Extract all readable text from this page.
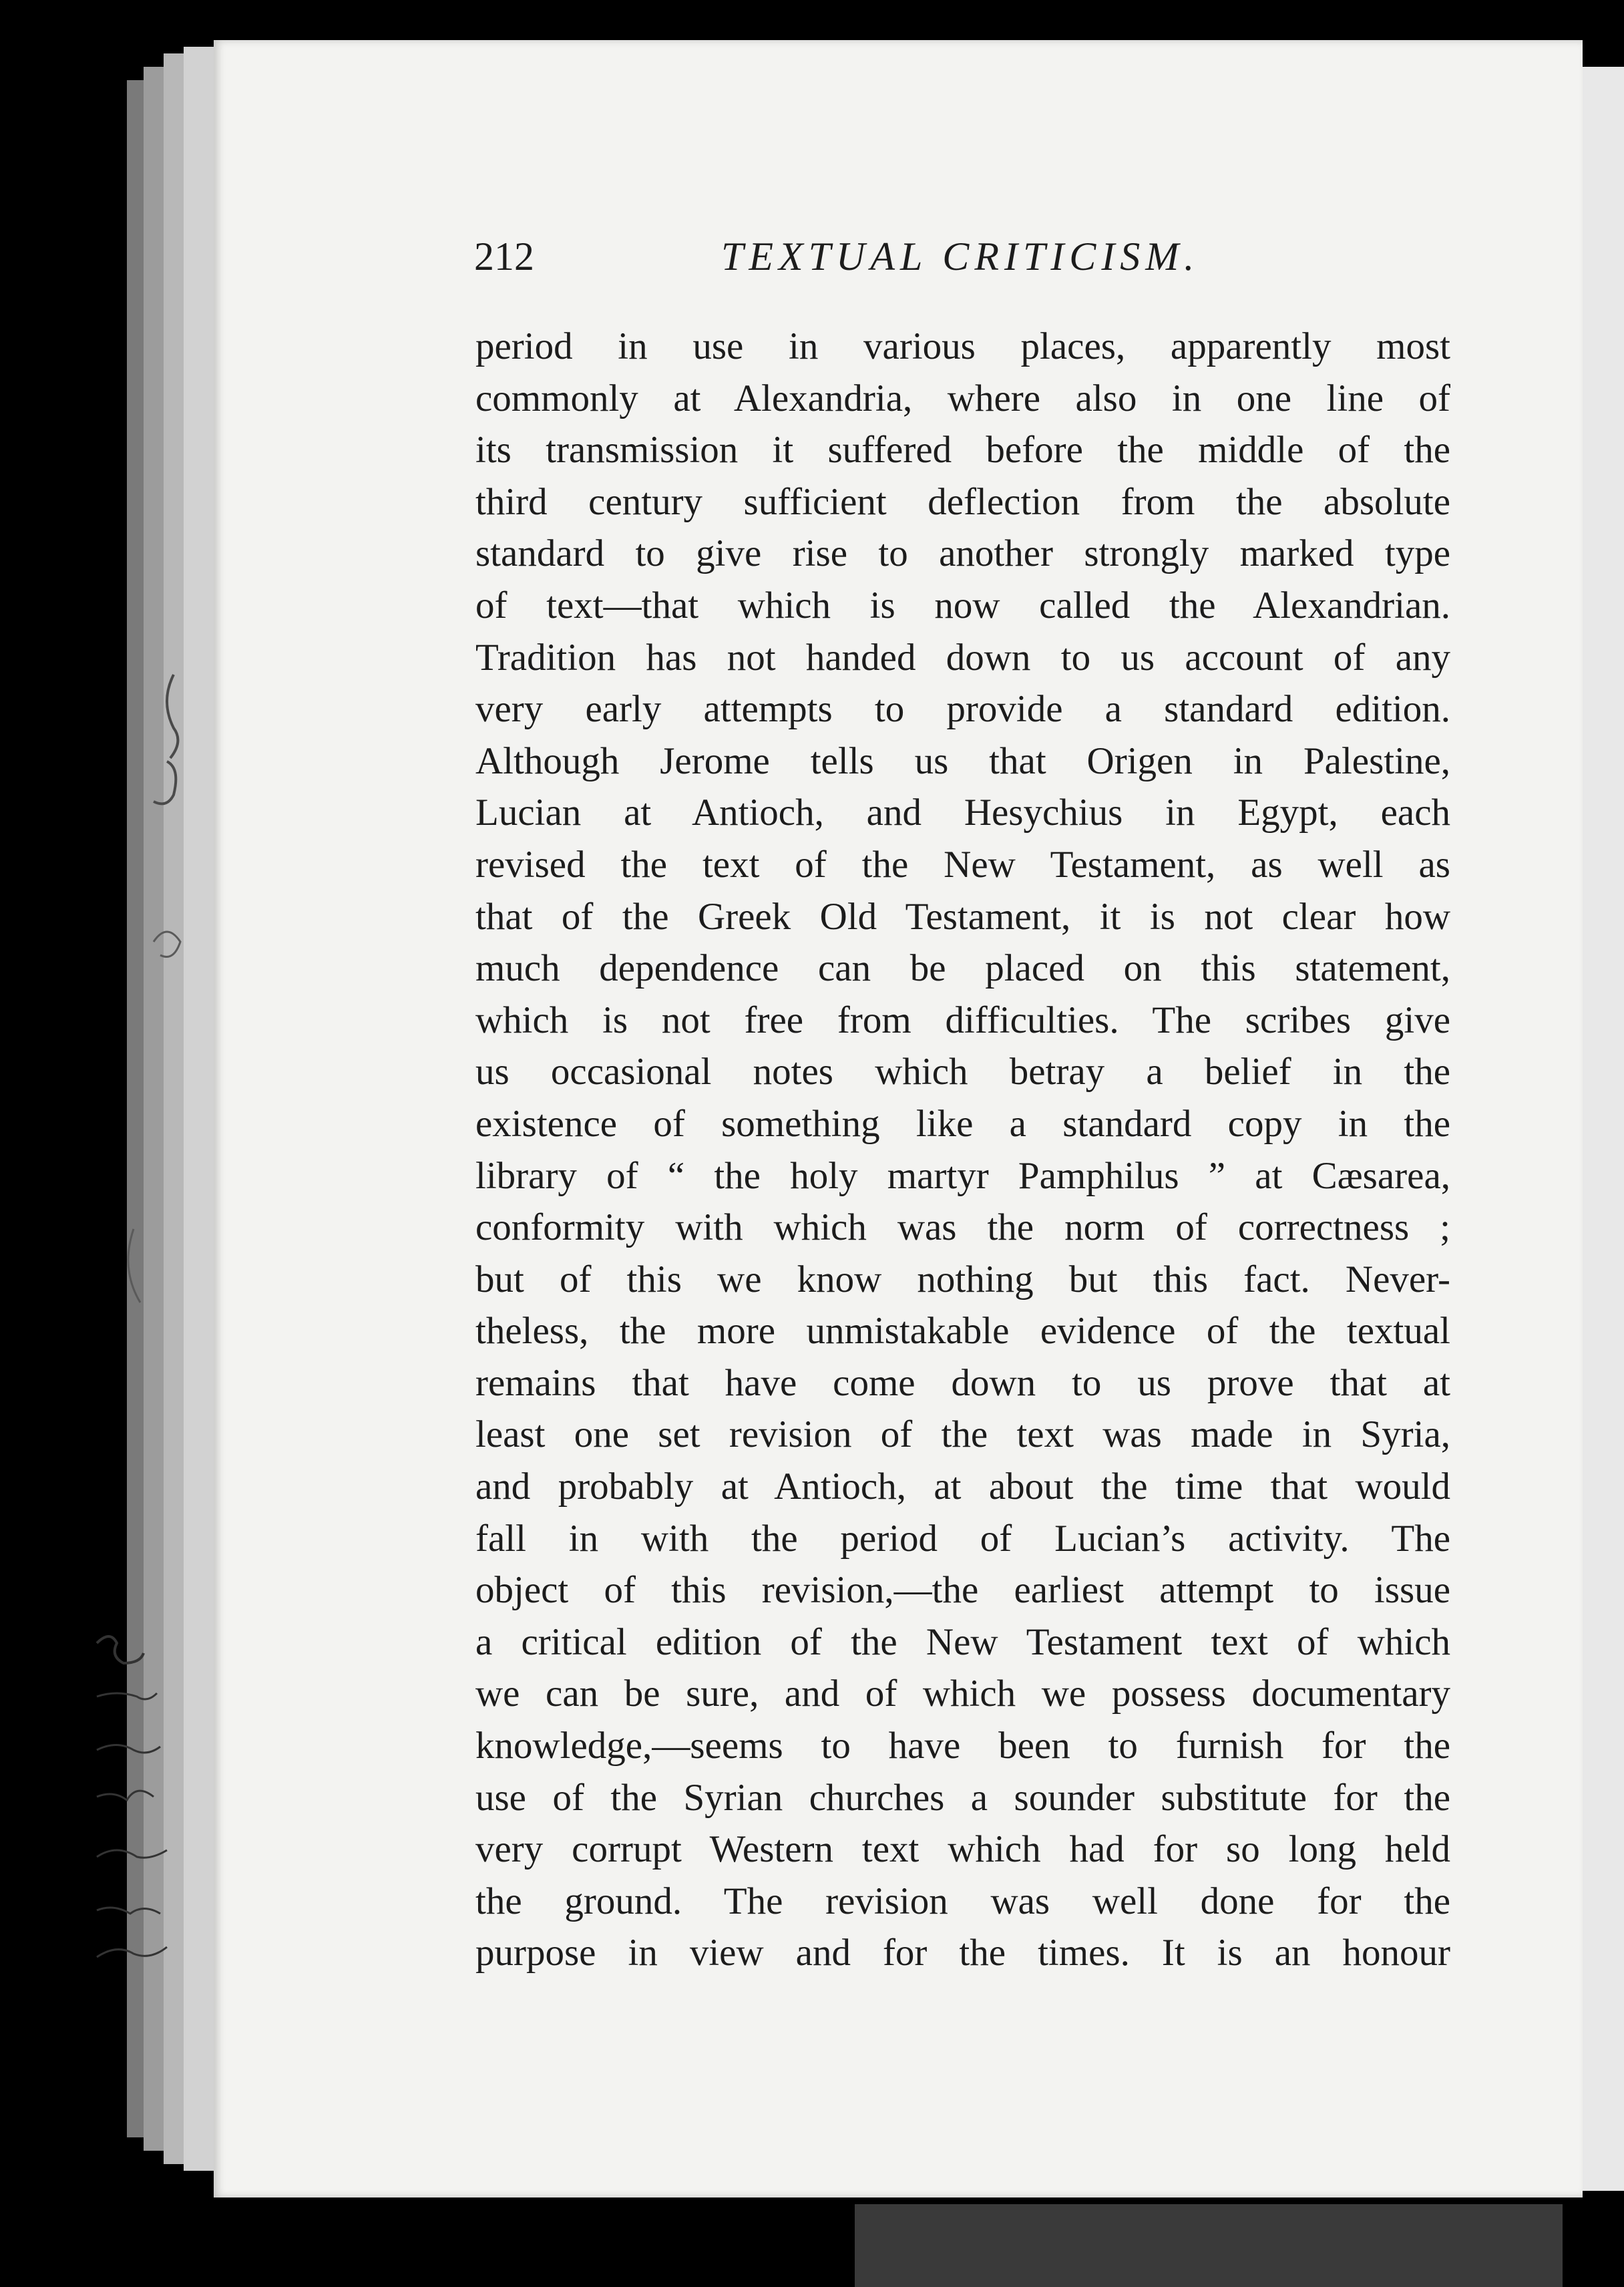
212	TEXTUAL CRITICISM.
period in use in various places, apparently most
commonly at Alexandria, where also in one line of
its transmission it suffered before the middle of the
third century sufficient deflection from the absolute
standard to give rise to another strongly marked type
of text—that which is now called the Alexandrian.
Tradition has not handed down to us account of any
very early attempts to provide a standard edition.
Although Jerome tells us that Origen in Palestine,
Lucian at Antioch, and Hesychius in Egypt, each
revised the text of the New Testament, as well as
that of the Greek Old Testament, it is not clear how
much dependence can be placed on this statement,
which is not free from difficulties. The scribes give
us occasional notes which betray a belief in the
existence of something like a standard copy in the
library of “ the holy martyr Pamphilus ” at Cæsarea,
conformity with which was the norm of correctness ;
but of this we know nothing but this fact. Never-
theless, the more unmistakable evidence of the textual
remains that have come down to us prove that at
least one set revision of the text was made in Syria,
and probably at Antioch, at about the time that would
fall in with the period of Lucian’s activity. The
object of this revision,—the earliest attempt to issue
a critical edition of the New Testament text of which
we can be sure, and of which we possess documentary
knowledge,—seems to have been to furnish for the
use of the Syrian churches a sounder substitute for the
very corrupt Western text which had for so long held
the ground. The revision was well done for the
purpose in view and for the times. It is an honour
